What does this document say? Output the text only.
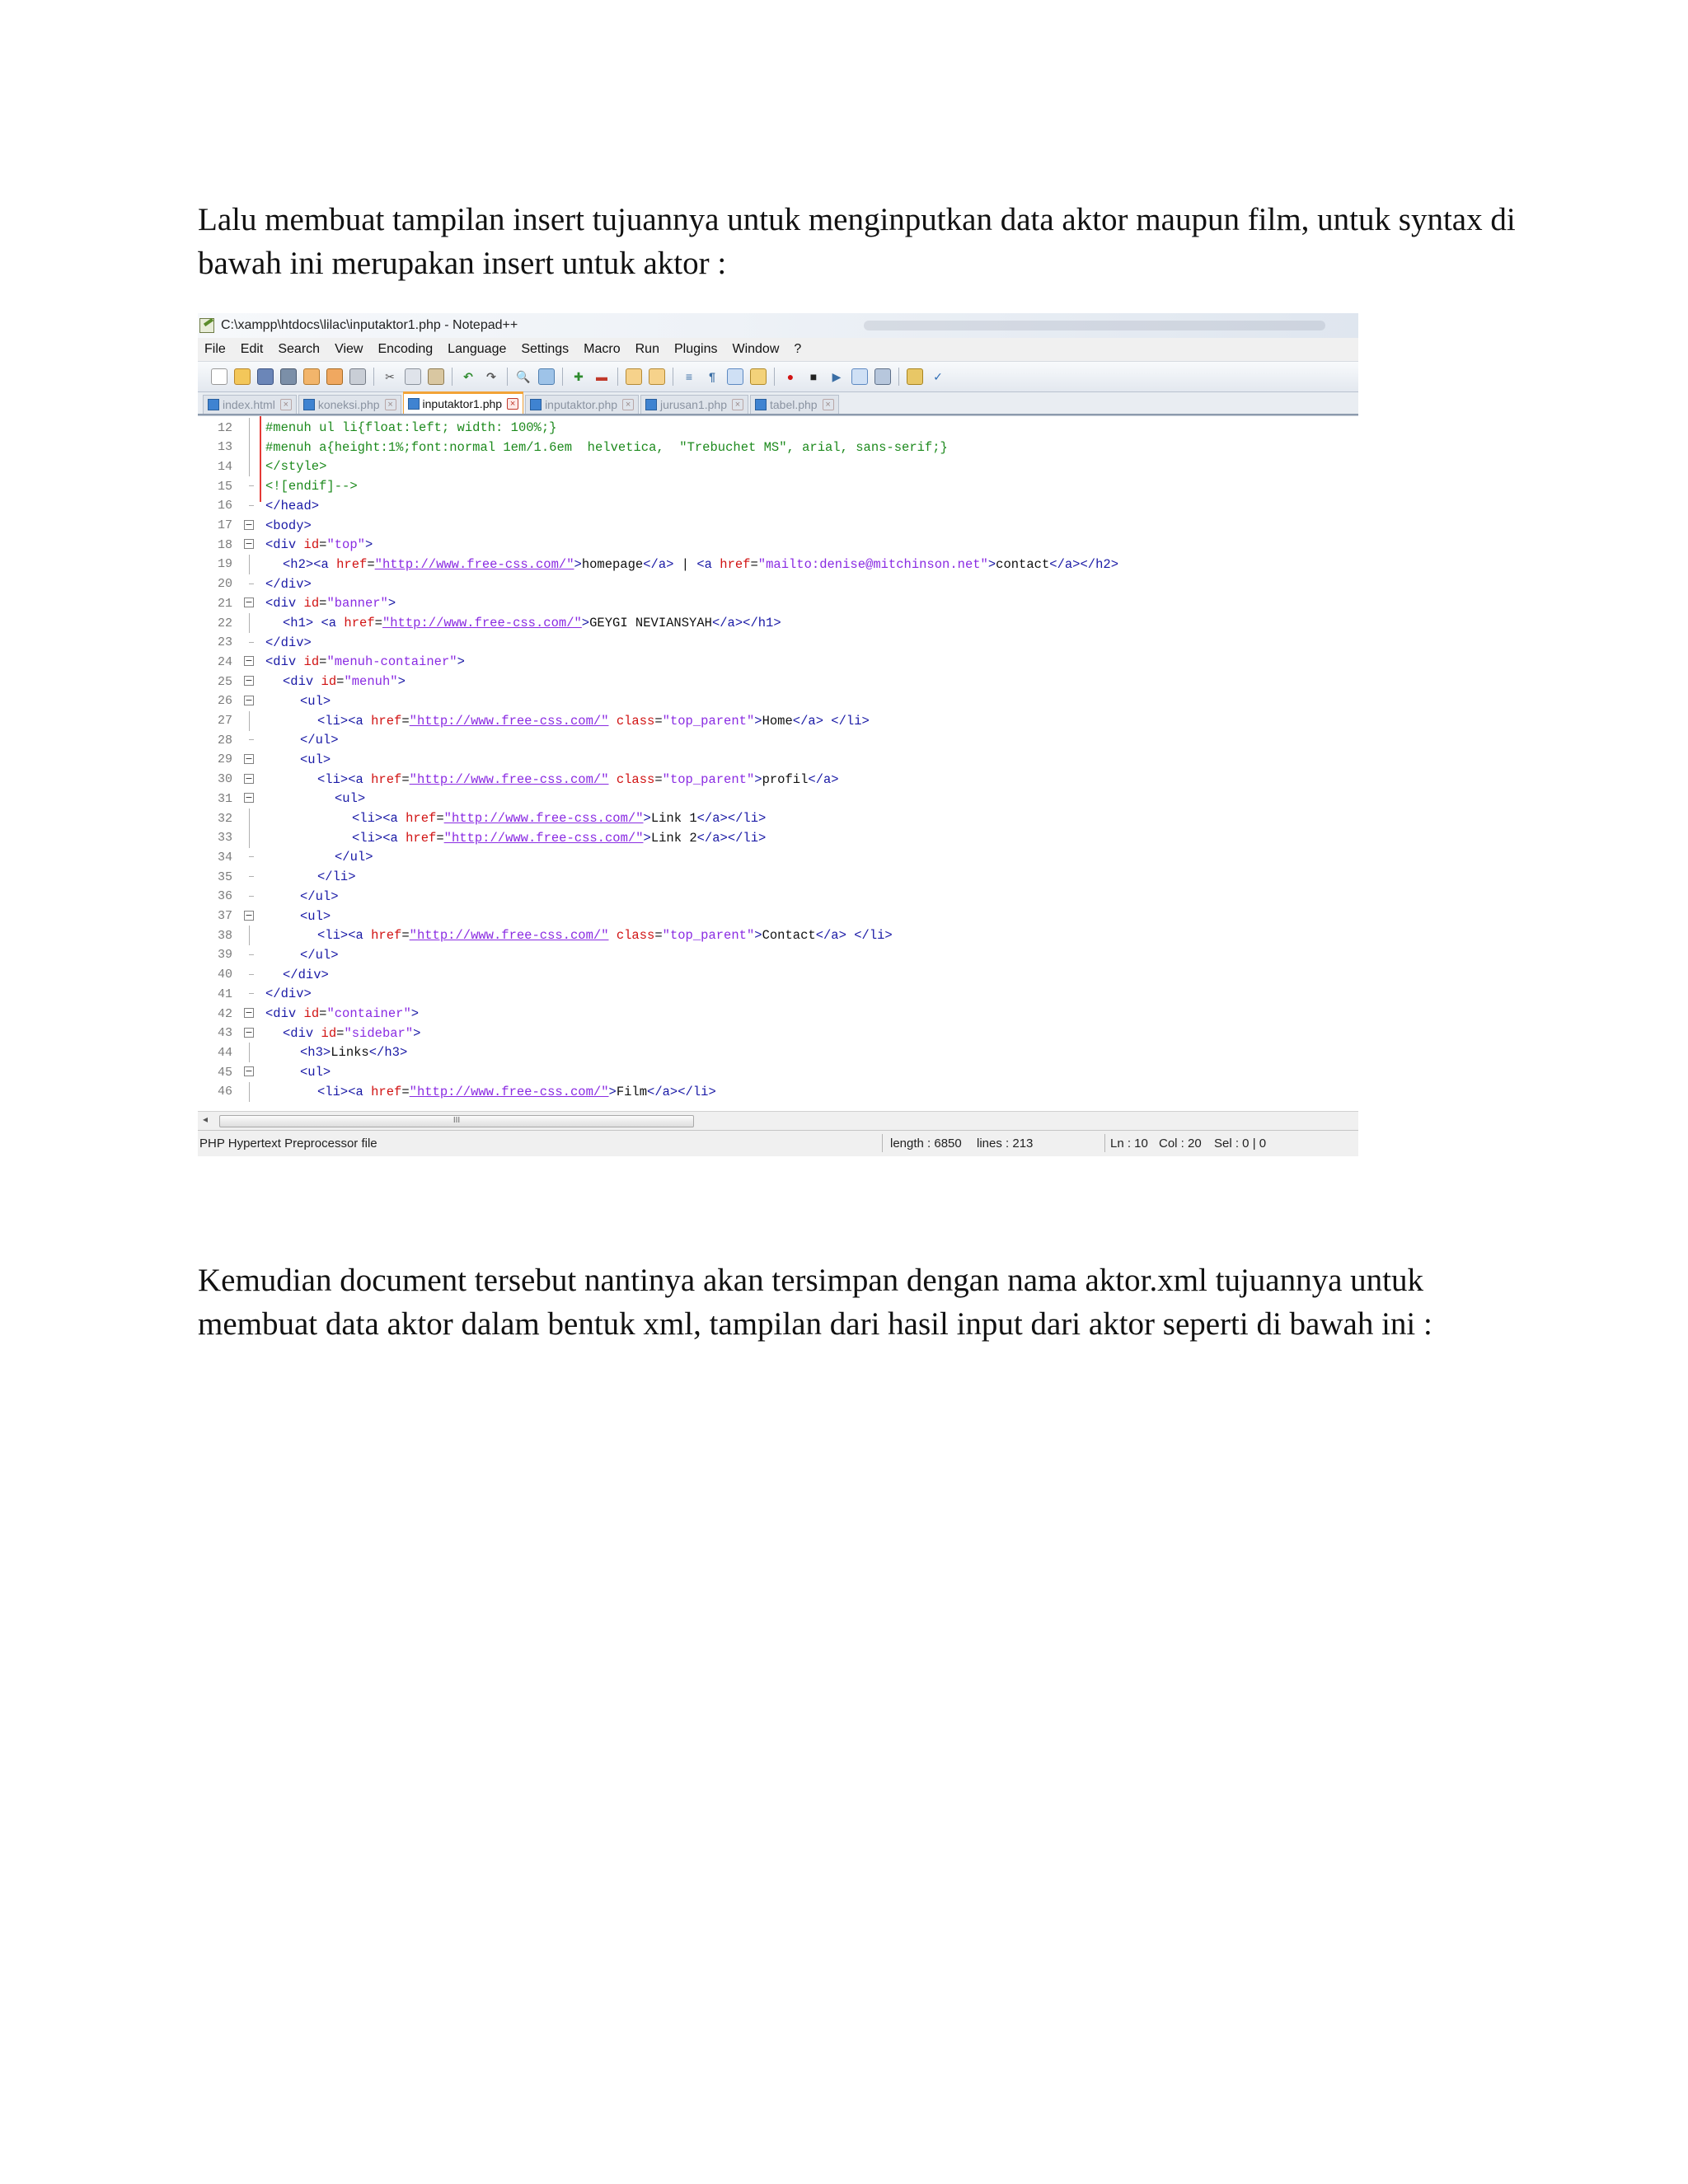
Lalu membuat tampilan insert tujuannya untuk menginputkan data aktor maupun film, untuk syntax di bawah ini merupakan insert untuk aktor :

C:\xampp\htdocs\lilac\inputaktor1.php - Notepad++
File	Edit	Search	View	Encoding	Language	Settings	Macro	Run	Plugins	Window	?
✂	↶ ↷ 🔍	✚ ▬	≡	¶	●	■	▶	✓
index.html ×	koneksi.php ×	inputaktor1.php ×	inputaktor.php ×	jurusan1.php ×	tabel.php ×
12	#menuh ul li{float:left; width: 100%;}
13	#menuh a{height:1%;font:normal 1em/1.6em  helvetica,  "Trebuchet MS", arial, sans-serif;}
14	</style>
15	<![endif]-->
16	</head>
17 −	<body>
18 −	<div id="top">
19	<h2><a href="http://www.free-css.com/">homepage</a> | <a href="mailto:denise@mitchinson.net">contact</a></h2>
20	</div>
21 −	<div id="banner">
22	<h1> <a href="http://www.free-css.com/">GEYGI NEVIANSYAH</a></h1>
23	</div>
24 −	<div id="menuh-container">
25 −	<div id="menuh">
26 −	<ul>
27	<li><a href="http://www.free-css.com/" class="top_parent">Home</a> </li>
28	</ul>
29 −	<ul>
30 −	<li><a href="http://www.free-css.com/" class="top_parent">profil</a>
31 −	<ul>
32	<li><a href="http://www.free-css.com/">Link 1</a></li>
33	<li><a href="http://www.free-css.com/">Link 2</a></li>
34	</ul>
35	</li>
36	</ul>
37 −	<ul>
38	<li><a href="http://www.free-css.com/" class="top_parent">Contact</a> </li>
39	</ul>
40	</div>
41	</div>
42 −	<div id="container">
43 −	<div id="sidebar">
44	<h3>Links</h3>
45 −	<ul>
46	<li><a href="http://www.free-css.com/">Film</a></li>
◂	III
PHP Hypertext Preprocessor file	length : 6850 lines : 213	Ln : 10 Col : 20 Sel : 0 | 0

Kemudian document tersebut nantinya akan tersimpan dengan nama aktor.xml tujuannya untuk membuat data aktor dalam bentuk xml, tampilan dari hasil input dari aktor seperti di bawah ini :
